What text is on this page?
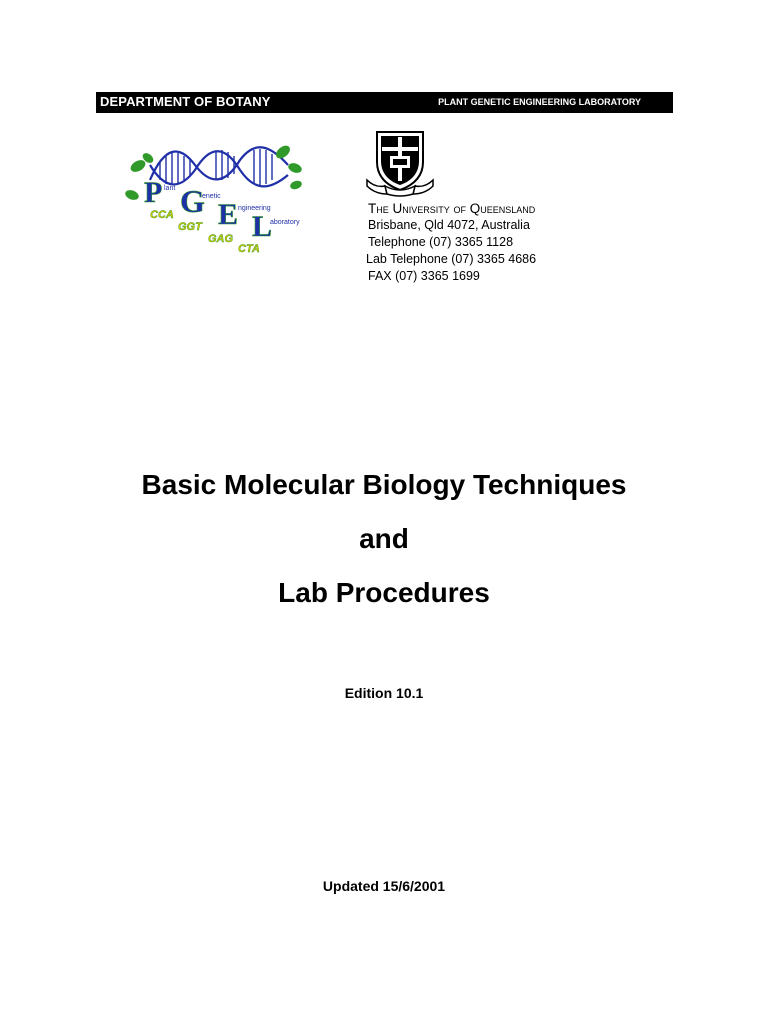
DEPARTMENT OF BOTANY	PLANT GENETIC ENGINEERING LABORATORY
P G E L
lant
enetic
ngineering
aboratory
CCA
GGT
GAG
CTA
The University of Queensland
Brisbane, Qld 4072, Australia
Telephone (07) 3365 1128
Lab Telephone (07) 3365 4686
FAX (07) 3365 1699
Basic Molecular Biology Techniques
and
Lab Procedures
Edition 10.1
Updated 15/6/2001
